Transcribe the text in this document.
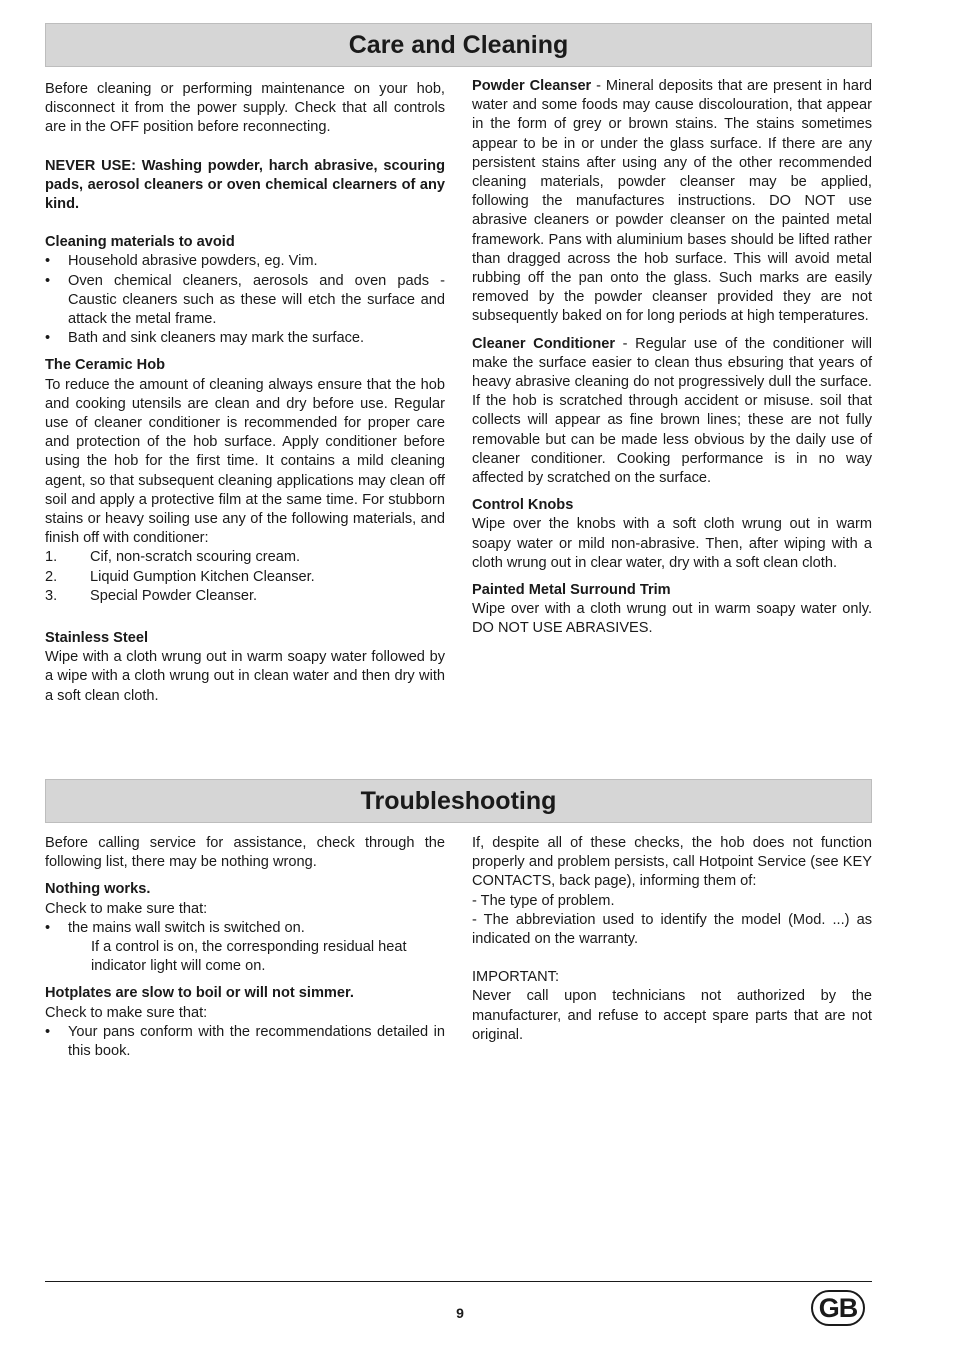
Care and Cleaning

Before cleaning or performing maintenance on your hob, disconnect it from the power supply. Check that all controls are in the OFF position before reconnecting.

NEVER USE: Washing powder, harch abrasive, scouring pads, aerosol cleaners or oven chemical clearners of any kind.

Cleaning materials to avoid

• Household abrasive powders, eg. Vim.
• Oven chemical cleaners, aerosols and oven pads - Caustic cleaners such as these will etch the surface and attack the metal frame.
• Bath and sink cleaners may mark the surface.

The Ceramic Hob

To reduce the amount of cleaning always ensure that the hob and cooking utensils are clean and dry before use. Regular use of cleaner conditioner is recommended for proper care and protection of the hob surface. Apply conditioner before using the hob for the first time. It contains a mild cleaning agent, so that subsequent cleaning applications may clean off soil and apply a protective film at the same time. For stubborn stains or heavy soiling use any of the following materials, and finish off with conditioner:

1. Cif, non-scratch scouring cream.
2. Liquid Gumption Kitchen Cleanser.
3. Special Powder Cleanser.

Stainless Steel

Wipe with a cloth wrung out in warm soapy water followed by a wipe with a cloth wrung out in clean water and then dry with a soft clean cloth.

Powder Cleanser - Mineral deposits that are present in hard water and some foods may cause discolouration, that appear in the form of grey or brown stains. The stains sometimes appear to be in or under the glass surface. If there are any persistent stains after using any of the other recommended cleaning materials, powder cleanser may be applied, following the manufactures instructions. DO NOT use abrasive cleaners or powder cleanser on the painted metal framework. Pans with aluminium bases should be lifted rather than dragged across the hob surface. This will avoid metal rubbing off the pan onto the glass. Such marks are easily removed by the powder cleanser provided they are not subsequently baked on for long periods at high temperatures.

Cleaner Conditioner - Regular use of the conditioner will make the surface easier to clean thus ebsuring that years of heavy abrasive cleaning do not progressively dull the surface. If the hob is scratched through accident or misuse. soil that collects will appear as fine brown lines; these are not fully removable but can be made less obvious by the daily use of cleaner conditioner. Cooking performance is in no way affected by scratched on the surface.

Control Knobs

Wipe over the knobs with a soft cloth wrung out in warm soapy water or mild non-abrasive. Then, after wiping with a cloth wrung out in clear water, dry with a soft clean cloth.

Painted Metal Surround Trim

Wipe over with a cloth wrung out in warm soapy water only. DO NOT USE ABRASIVES.

Troubleshooting

Before calling service for assistance, check through the following list, there may be nothing wrong.

Nothing works.

Check to make sure that:

• the mains wall switch is switched on.

If a control is on, the corresponding residual heat indicator light will come on.

Hotplates are slow to boil or will not simmer.

Check to make sure that:

• Your pans conform with the recommendations detailed in this book.

If, despite all of these checks, the hob does not function properly and problem persists, call Hotpoint Service (see KEY CONTACTS, back page), informing them of:

- The type of problem.

- The abbreviation used to identify the model (Mod. ...) as indicated on the warranty.

IMPORTANT:

Never call upon technicians not authorized by the manufacturer, and refuse to accept spare parts that are not original.

9	GB
